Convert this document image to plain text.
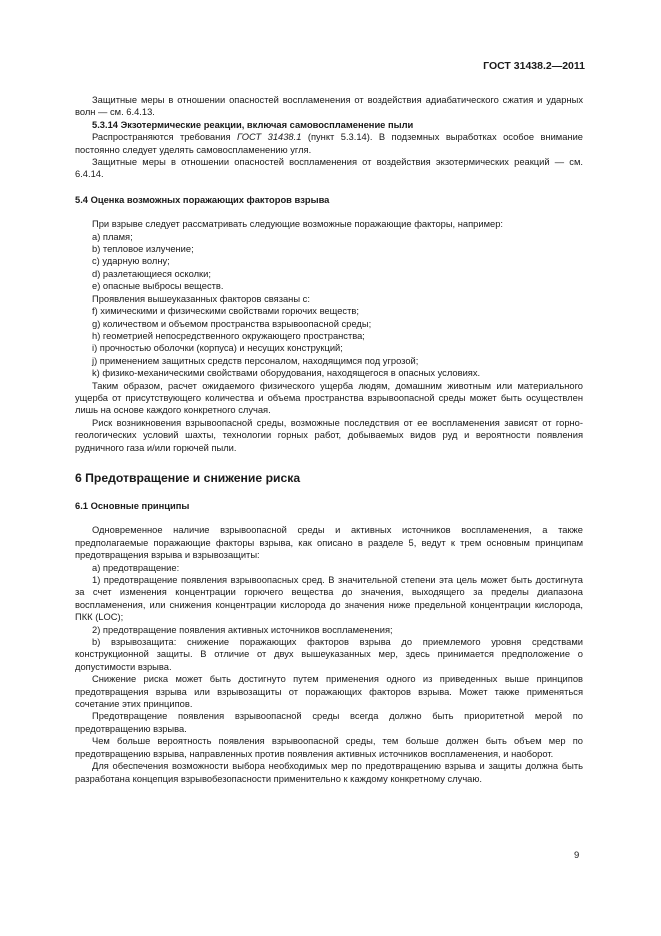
ГОСТ 31438.2—2011

Защитные меры в отношении опасностей воспламенения от воздействия адиабатического сжатия и ударных волн — см. 6.4.13.

5.3.14 Экзотермические реакции, включая самовоспламенение пыли

Распространяются требования ГОСТ 31438.1 (пункт 5.3.14). В подземных выработках особое внимание постоянно следует уделять самовоспламенению угля.

Защитные меры в отношении опасностей воспламенения от воздействия экзотермических реакций — см. 6.4.14.

5.4 Оценка возможных поражающих факторов взрыва

При взрыве следует рассматривать следующие возможные поражающие факторы, например:

a) пламя;

b) тепловое излучение;

c) ударную волну;

d) разлетающиеся осколки;

e) опасные выбросы веществ.

Проявления вышеуказанных факторов связаны с:

f) химическими и физическими свойствами горючих веществ;

g) количеством и объемом пространства взрывоопасной среды;

h) геометрией непосредственного окружающего пространства;

i) прочностью оболочки (корпуса) и несущих конструкций;

j) применением защитных средств персоналом, находящимся под угрозой;

k) физико-механическими свойствами оборудования, находящегося в опасных условиях.

Таким образом, расчет ожидаемого физического ущерба людям, домашним животным или материального ущерба от присутствующего количества и объема пространства взрывоопасной среды может быть осуществлен лишь на основе каждого конкретного случая.

Риск возникновения взрывоопасной среды, возможные последствия от ее воспламенения зависят от горно-геологических условий шахты, технологии горных работ, добываемых видов руд и вероятности появления рудничного газа и/или горючей пыли.

6 Предотвращение и снижение риска

6.1 Основные принципы

Одновременное наличие взрывоопасной среды и активных источников воспламенения, а также предполагаемые поражающие факторы взрыва, как описано в разделе 5, ведут к трем основным принципам предотвращения взрыва и взрывозащиты:

a) предотвращение:

1) предотвращение появления взрывоопасных сред. В значительной степени эта цель может быть достигнута за счет изменения концентрации горючего вещества до значения, выходящего за пределы диапазона воспламенения, или снижения концентрации кислорода до значения ниже предельной концентрации кислорода, ПКК (LOC);

2) предотвращение появления активных источников воспламенения;

b) взрывозащита: снижение поражающих факторов взрыва до приемлемого уровня средствами конструкционной защиты. В отличие от двух вышеуказанных мер, здесь принимается предположение о допустимости взрыва.

Снижение риска может быть достигнуто путем применения одного из приведенных выше принципов предотвращения взрыва или взрывозащиты от поражающих факторов взрыва. Может также применяться сочетание этих принципов.

Предотвращение появления взрывоопасной среды всегда должно быть приоритетной мерой по предотвращению взрыва.

Чем больше вероятность появления взрывоопасной среды, тем больше должен быть объем мер по предотвращению взрыва, направленных против появления активных источников воспламенения, и наоборот.

Для обеспечения возможности выбора необходимых мер по предотвращению взрыва и защиты должна быть разработана концепция взрывобезопасности применительно к каждому конкретному случаю.

9
